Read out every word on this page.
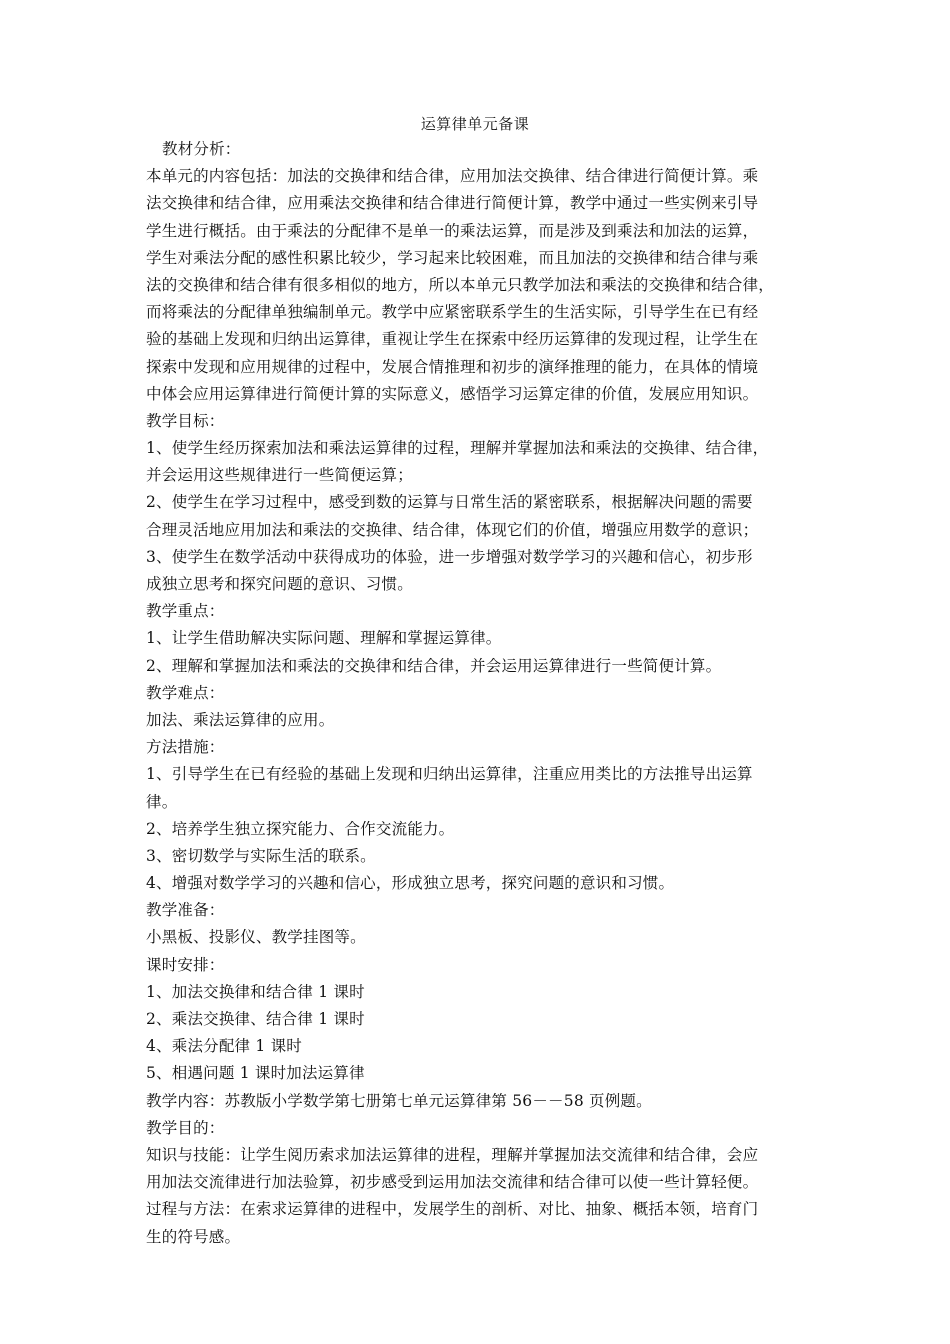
运算律单元备课
教材分析：
本单元的内容包括：加法的交换律和结合律，应用加法交换律、结合律进行简便计算。乘
法交换律和结合律，应用乘法交换律和结合律进行简便计算，教学中通过一些实例来引导
学生进行概括。由于乘法的分配律不是单一的乘法运算，而是涉及到乘法和加法的运算，
学生对乘法分配的感性积累比较少，学习起来比较困难，而且加法的交换律和结合律与乘
法的交换律和结合律有很多相似的地方，所以本单元只教学加法和乘法的交换律和结合律，
而将乘法的分配律单独编制单元。教学中应紧密联系学生的生活实际，引导学生在已有经
验的基础上发现和归纳出运算律，重视让学生在探索中经历运算律的发现过程，让学生在
探索中发现和应用规律的过程中，发展合情推理和初步的演绎推理的能力，在具体的情境
中体会应用运算律进行简便计算的实际意义，感悟学习运算定律的价值，发展应用知识。
教学目标：
1、使学生经历探索加法和乘法运算律的过程，理解并掌握加法和乘法的交换律、结合律，
并会运用这些规律进行一些简便运算；
2、使学生在学习过程中，感受到数的运算与日常生活的紧密联系，根据解决问题的需要
合理灵活地应用加法和乘法的交换律、结合律，体现它们的价值，增强应用数学的意识；
3、使学生在数学活动中获得成功的体验，进一步增强对数学学习的兴趣和信心，初步形
成独立思考和探究问题的意识、习惯。
教学重点：
1、让学生借助解决实际问题、理解和掌握运算律。
2、理解和掌握加法和乘法的交换律和结合律，并会运用运算律进行一些简便计算。
教学难点：
加法、乘法运算律的应用。
方法措施：
1、引导学生在已有经验的基础上发现和归纳出运算律，注重应用类比的方法推导出运算
律。
2、培养学生独立探究能力、合作交流能力。
3、密切数学与实际生活的联系。
4、增强对数学学习的兴趣和信心，形成独立思考，探究问题的意识和习惯。
教学准备：
小黑板、投影仪、教学挂图等。
课时安排：
1、加法交换律和结合律 1 课时
2、乘法交换律、结合律 1 课时
4、乘法分配律 1 课时
5、相遇问题 1 课时加法运算律
教学内容：苏教版小学数学第七册第七单元运算律第 56－－58 页例题。
教学目的：
知识与技能：让学生阅历索求加法运算律的进程，理解并掌握加法交流律和结合律，会应
用加法交流律进行加法验算，初步感受到运用加法交流律和结合律可以使一些计算轻便。
过程与方法：在索求运算律的进程中，发展学生的剖析、对比、抽象、概括本领，培育门
生的符号感。
